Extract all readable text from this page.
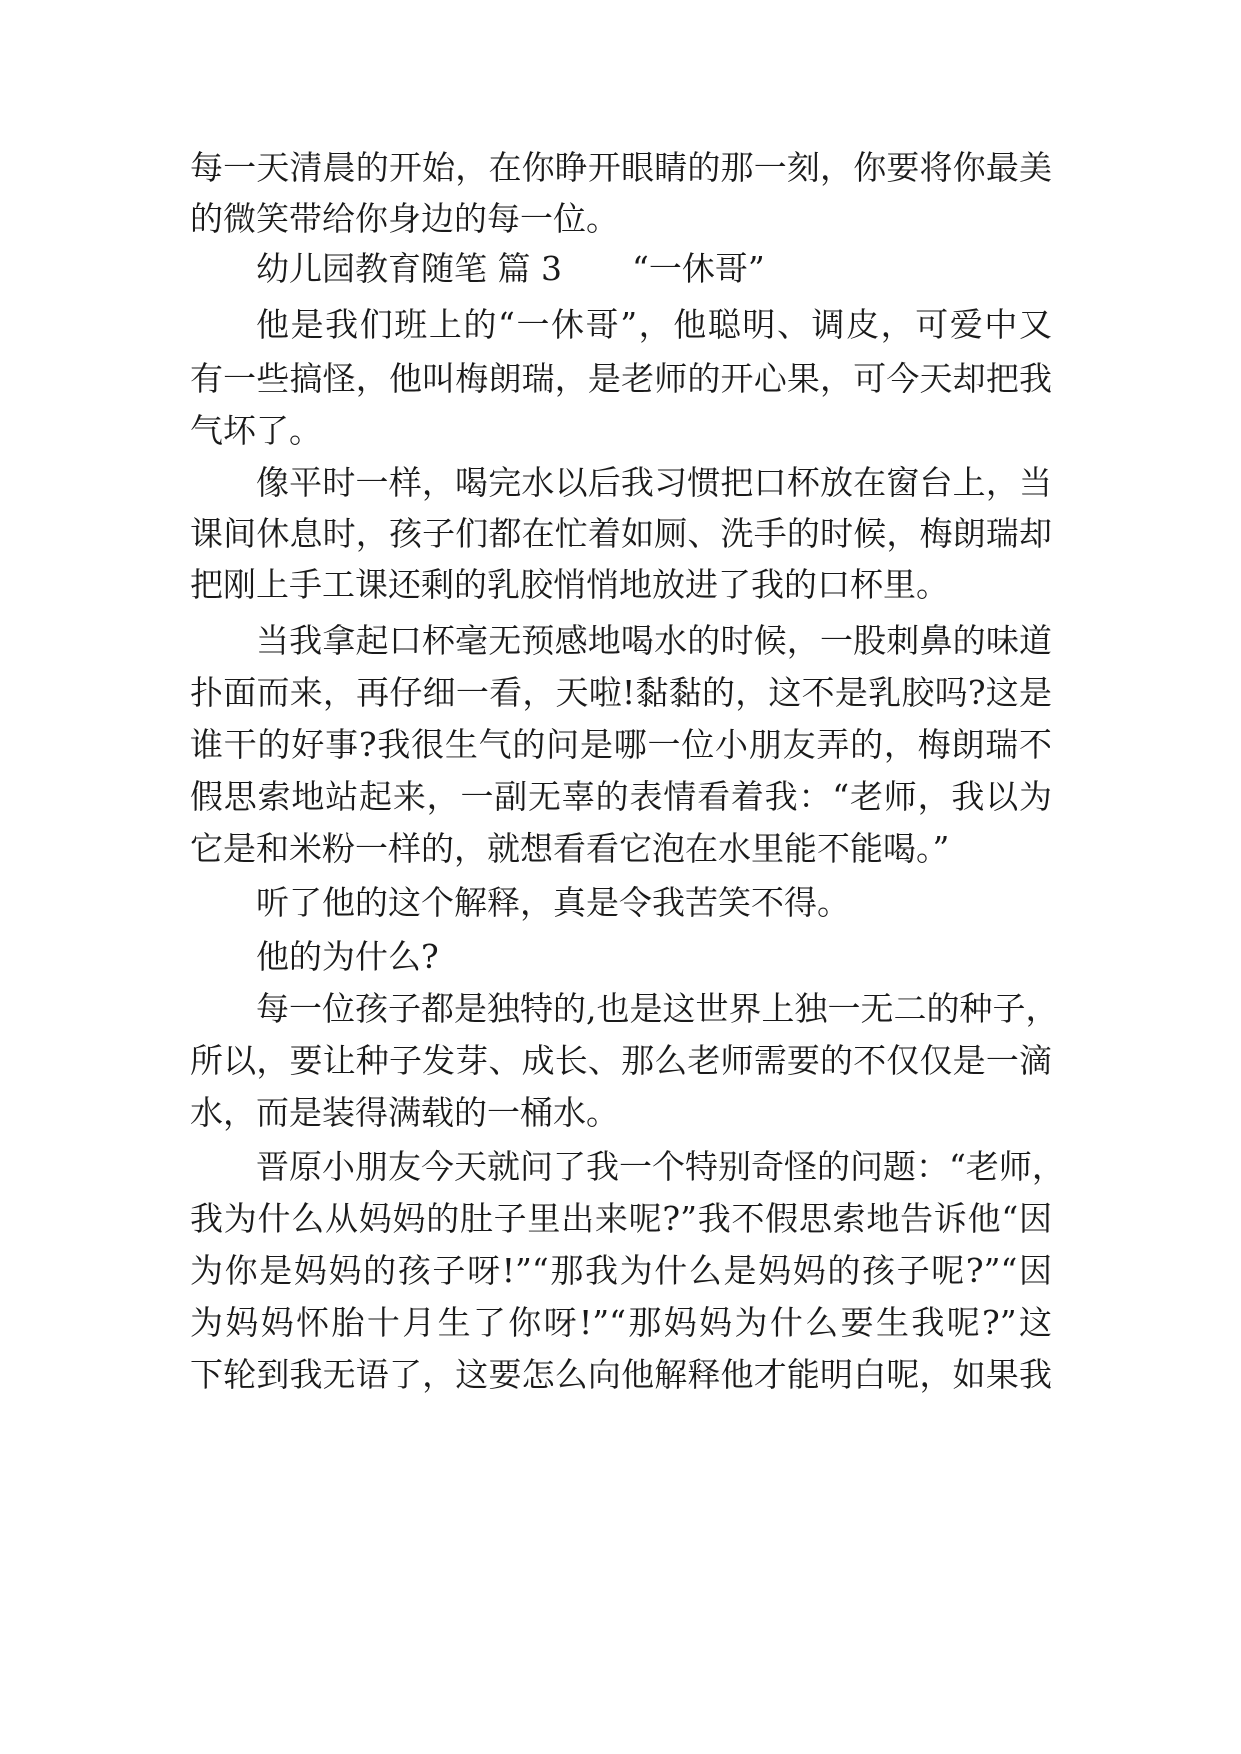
每一天清晨的开始，在你睁开眼睛的那一刻，你要将你最美
的微笑带给你身边的每一位。
幼儿园教育随笔 篇 3 “一休哥”
他是我们班上的“一休哥”，他聪明、调皮，可爱中又
有一些搞怪，他叫梅朗瑞，是老师的开心果，可今天却把我
气坏了。
像平时一样，喝完水以后我习惯把口杯放在窗台上，当
课间休息时，孩子们都在忙着如厕、洗手的时候，梅朗瑞却
把刚上手工课还剩的乳胶悄悄地放进了我的口杯里。
当我拿起口杯毫无预感地喝水的时候，一股刺鼻的味道
扑面而来，再仔细一看，天啦!黏黏的，这不是乳胶吗?这是
谁干的好事?我很生气的问是哪一位小朋友弄的，梅朗瑞不
假思索地站起来，一副无辜的表情看着我：“老师，我以为
它是和米粉一样的，就想看看它泡在水里能不能喝。”
听了他的这个解释，真是令我苦笑不得。
他的为什么?
每一位孩子都是独特的,也是这世界上独一无二的种子，
所以，要让种子发芽、成长、那么老师需要的不仅仅是一滴
水，而是装得满载的一桶水。
晋原小朋友今天就问了我一个特别奇怪的问题：“老师，
我为什么从妈妈的肚子里出来呢?”我不假思索地告诉他“因
为你是妈妈的孩子呀!”“那我为什么是妈妈的孩子呢?”“因
为妈妈怀胎十月生了你呀!”“那妈妈为什么要生我呢?”这
下轮到我无语了，这要怎么向他解释他才能明白呢，如果我
